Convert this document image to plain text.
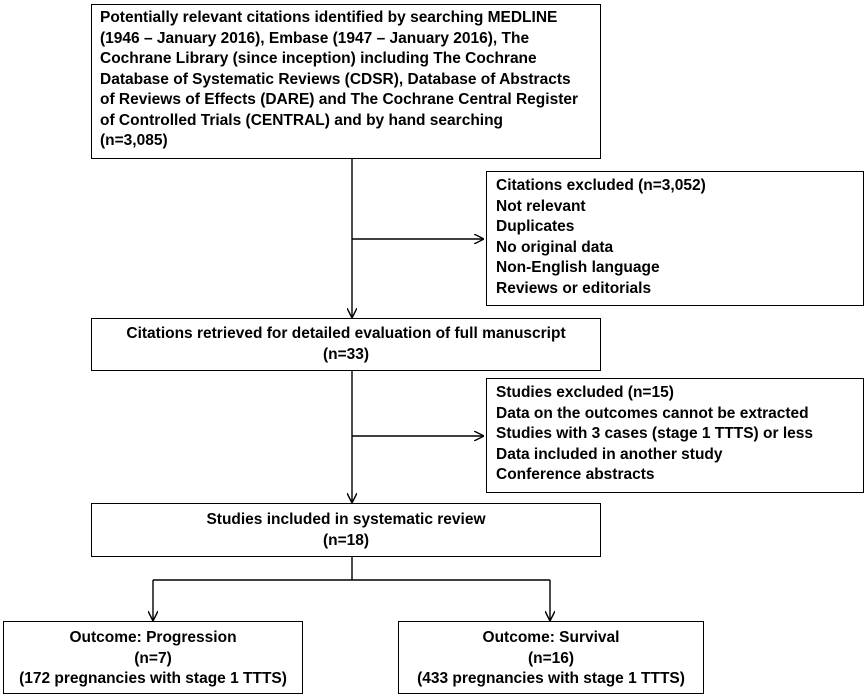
Potentially relevant citations identified by searching MEDLINE
(1946 – January 2016), Embase (1947 – January 2016), The
Cochrane Library (since inception) including The Cochrane
Database of Systematic Reviews (CDSR), Database of Abstracts
of Reviews of Effects (DARE) and The Cochrane Central Register
of Controlled Trials (CENTRAL) and by hand searching
(n=3,085)
Citations excluded (n=3,052)
Not relevant
Duplicates
No original data
Non-English language
Reviews or editorials
Citations retrieved for detailed evaluation of full manuscript
(n=33)
Studies excluded (n=15)
Data on the outcomes cannot be extracted
Studies with 3 cases (stage 1 TTTS) or less
Data included in another study
Conference abstracts
Studies included in systematic review
(n=18)
Outcome: Progression
(n=7)
(172 pregnancies with stage 1 TTTS)
Outcome: Survival
(n=16)
(433 pregnancies with stage 1 TTTS)
